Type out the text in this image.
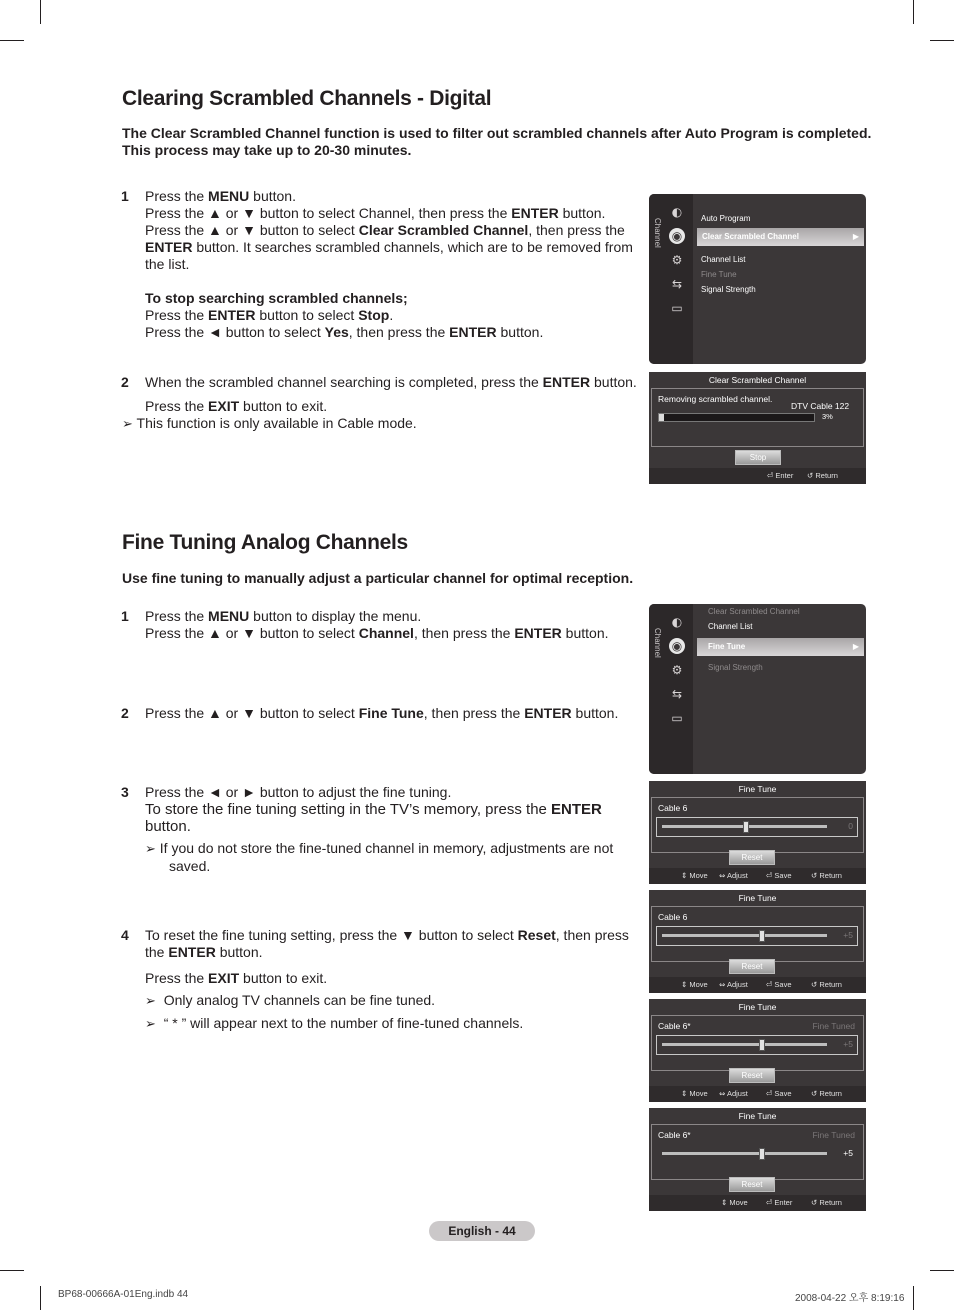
Clearing Scrambled Channels - Digital
The Clear Scrambled Channel function is used to filter out scrambled channels after Auto Program is completed.
This process may take up to 20-30 minutes.
1 Press the MENU button.
Press the ▲ or ▼ button to select Channel, then press the ENTER button.
Press the ▲ or ▼ button to select Clear Scrambled Channel, then press the
ENTER button. It searches scrambled channels, which are to be removed from
the list.
To stop searching scrambled channels;
Press the ENTER button to select Stop.
Press the ◄ button to select Yes, then press the ENTER button.
2 When the scrambled channel searching is completed, press the ENTER button.
Press the EXIT button to exit.
➢ This function is only available in Cable mode.
Channel
◐
◉
⚙
⇆
▭
Auto Program
Clear Scrambled Channel	▶
Channel List
Fine Tune
Signal Strength
Clear Scrambled Channel
Removing scrambled channel.
DTV Cable 122
3%
Stop
⏎ Enter ↺ Return
Fine Tuning Analog Channels
Use fine tuning to manually adjust a particular channel for optimal reception.
1 Press the MENU button to display the menu.
Press the ▲ or ▼ button to select Channel, then press the ENTER button.
2 Press the ▲ or ▼ button to select Fine Tune, then press the ENTER button.
3 Press the ◄ or ► button to adjust the fine tuning.
To store the fine tuning setting in the TV’s memory, press the ENTER
button.
➢ If you do not store the fine-tuned channel in memory, adjustments are not
saved.
4 To reset the fine tuning setting, press the ▼ button to select Reset, then press
the ENTER button.
Press the EXIT button to exit.
➢ Only analog TV channels can be fine tuned.
➢ “ * ” will appear next to the number of fine-tuned channels.
Channel
◐
◉
⚙
⇆
▭
Clear Scrambled Channel
Channel List
Fine Tune	▶
Signal Strength
Fine Tune
Cable 6
0
Reset
⇕ Move ⇔ Adjust ⏎ Save	↺ Return
Fine Tune
Cable 6
+5
Reset
⇕ Move ⇔ Adjust ⏎ Save	↺ Return
Fine Tune
Cable 6*	Fine Tuned
+5
Reset
⇕ Move ⇔ Adjust ⏎ Save	↺ Return
Fine Tune
Cable 6*	Fine Tuned
+5
Reset
⇕ Move ⏎ Enter ↺ Return
English - 44
BP68-00666A-01Eng.indb 44	2008-04-22 오후 8:19:16
